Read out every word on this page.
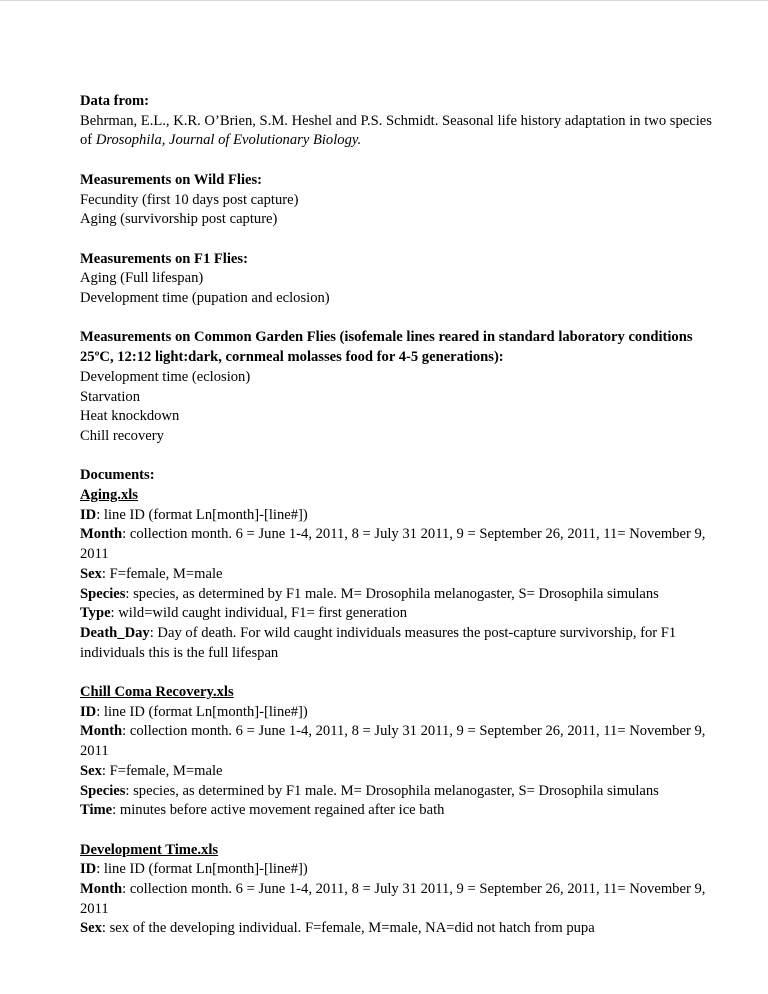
Data from:
Behrman, E.L., K.R. O’Brien, S.M. Heshel and P.S. Schmidt. Seasonal life history adaptation in two species of Drosophila, Journal of Evolutionary Biology.
Measurements on Wild Flies:
Fecundity (first 10 days post capture)
Aging (survivorship post capture)
Measurements on F1 Flies:
Aging (Full lifespan)
Development time (pupation and eclosion)
Measurements on Common Garden Flies (isofemale lines reared in standard laboratory conditions 25ºC, 12:12 light:dark, cornmeal molasses food for 4-5 generations):
Development time (eclosion)
Starvation
Heat knockdown
Chill recovery
Documents:
Aging.xls
ID: line ID (format Ln[month]-[line#])
Month: collection month. 6 = June 1-4, 2011, 8 = July 31 2011, 9 = September 26, 2011, 11= November 9, 2011
Sex: F=female, M=male
Species: species, as determined by F1 male. M= Drosophila melanogaster, S= Drosophila simulans
Type: wild=wild caught individual, F1= first generation
Death_Day: Day of death. For wild caught individuals measures the post-capture survivorship, for F1 individuals this is the full lifespan
Chill Coma Recovery.xls
ID: line ID (format Ln[month]-[line#])
Month: collection month. 6 = June 1-4, 2011, 8 = July 31 2011, 9 = September 26, 2011, 11= November 9, 2011
Sex: F=female, M=male
Species: species, as determined by F1 male. M= Drosophila melanogaster, S= Drosophila simulans
Time: minutes before active movement regained after ice bath
Development Time.xls
ID: line ID (format Ln[month]-[line#])
Month: collection month. 6 = June 1-4, 2011, 8 = July 31 2011, 9 = September 26, 2011, 11= November 9, 2011
Sex: sex of the developing individual. F=female, M=male, NA=did not hatch from pupa
